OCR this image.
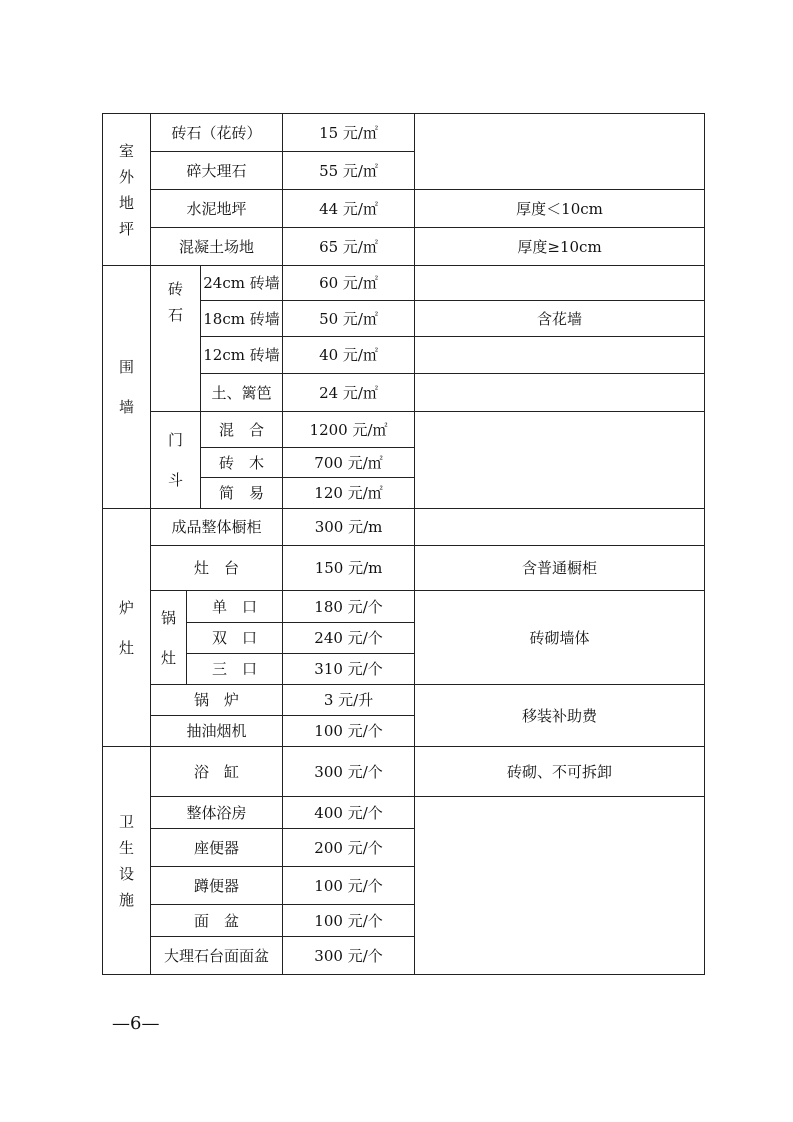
室
外
地
坪	砖石（花砖）			15 元/㎡	
	碎大理石			55 元/㎡	
	水泥地坪			44 元/㎡	厚度＜10cm
	混凝土场地			65 元/㎡	厚度≥10cm

围
墙	砖
石		24cm 砖墙	60 元/㎡	
			18cm 砖墙	50 元/㎡	含花墙
			12cm 砖墙	40 元/㎡	
			土、篱笆	24 元/㎡	

	门
斗		混　合	1200 元/㎡	
			砖　木	700 元/㎡	
			简　易	120 元/㎡	

炉
灶	成品整体橱柜			300 元/m	
	灶　台			150 元/m	含普通橱柜

	锅
灶	单　口		180 元/个	砖砌墙体
		双　口		240 元/个	
		三　口		310 元/个	
	锅　炉			3 元/升	移装补助费
	抽油烟机			100 元/个	

卫
生
设
施	浴　缸			300 元/个	砖砌、不可拆卸
	整体浴房			400 元/个	
	座便器			200 元/个	
	蹲便器			100 元/个	
	面　盆			100 元/个	
	大理石台面面盆			300 元/个	
—6—
